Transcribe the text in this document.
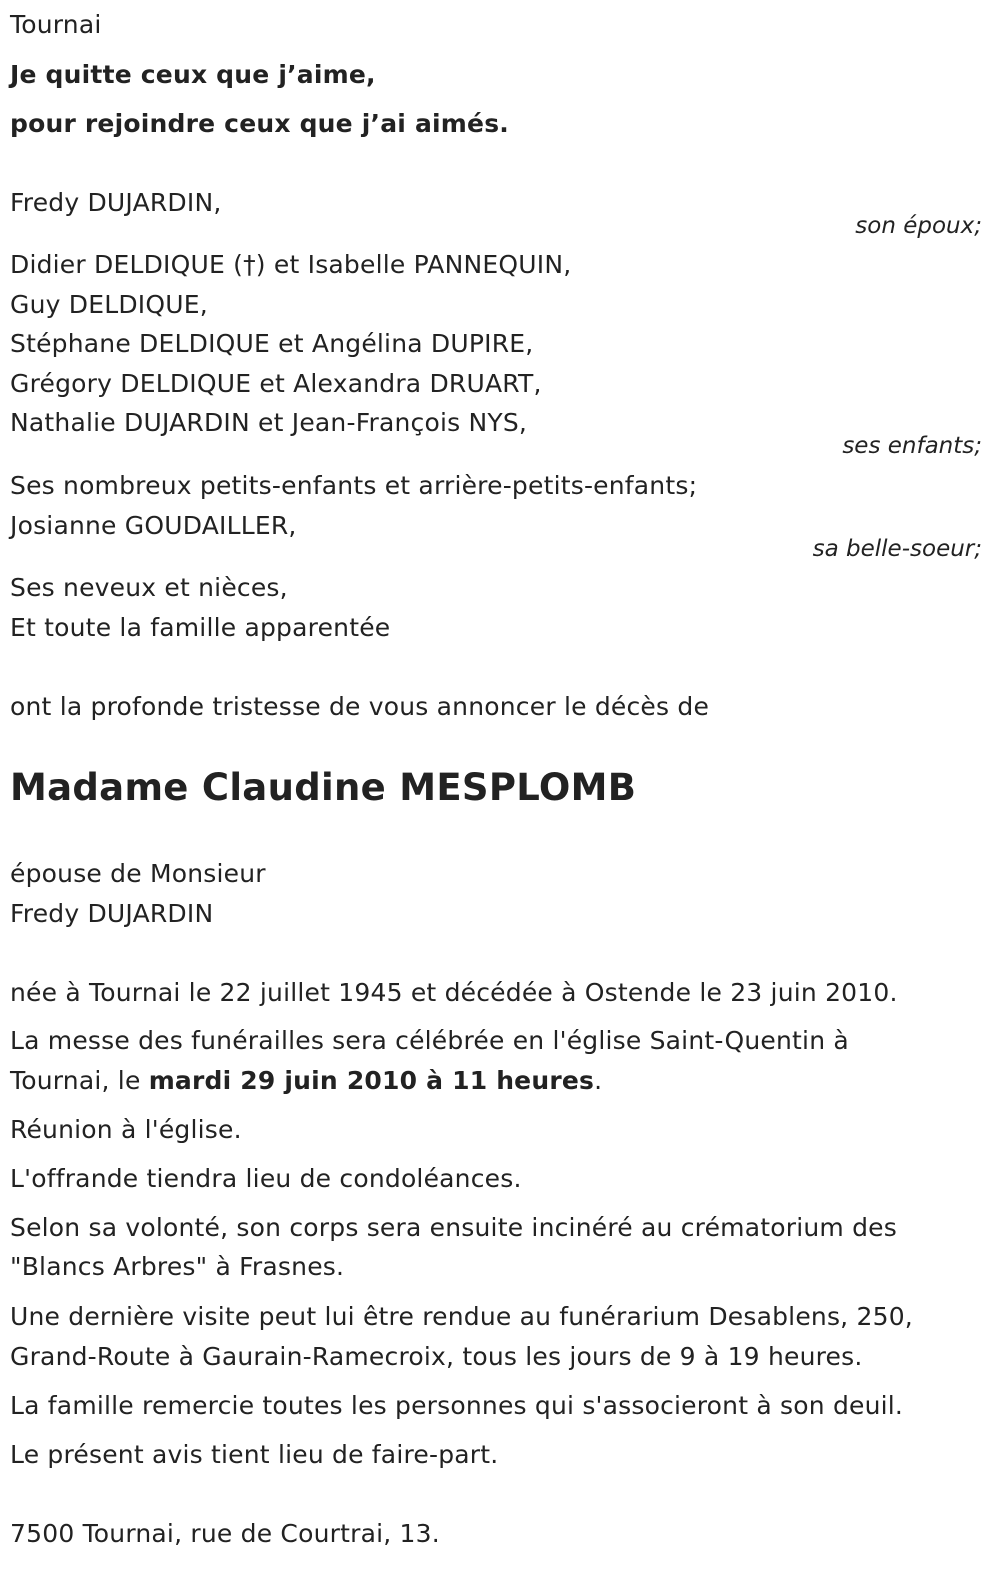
Tournai
Je quitte ceux que j’aime,
pour rejoindre ceux que j’ai aimés.
Fredy DUJARDIN,
son époux;
Didier DELDIQUE (†) et Isabelle PANNEQUIN,
Guy DELDIQUE,
Stéphane DELDIQUE et Angélina DUPIRE,
Grégory DELDIQUE et Alexandra DRUART,
Nathalie DUJARDIN et Jean-François NYS,
ses enfants;
Ses nombreux petits-enfants et arrière-petits-enfants;
Josianne GOUDAILLER,
sa belle-soeur;
Ses neveux et nièces,
Et toute la famille apparentée
ont la profonde tristesse de vous annoncer le décès de
Madame Claudine MESPLOMB
épouse de Monsieur
Fredy DUJARDIN
née à Tournai le 22 juillet 1945 et décédée à Ostende le 23 juin 2010.
La messe des funérailles sera célébrée en l'église Saint-Quentin à
Tournai, le mardi 29 juin 2010 à 11 heures.
Réunion à l'église.
L'offrande tiendra lieu de condoléances.
Selon sa volonté, son corps sera ensuite incinéré au crématorium des
"Blancs Arbres" à Frasnes.
Une dernière visite peut lui être rendue au funérarium Desablens, 250,
Grand-Route à Gaurain-Ramecroix, tous les jours de 9 à 19 heures.
La famille remercie toutes les personnes qui s'associeront à son deuil.
Le présent avis tient lieu de faire-part.
7500 Tournai, rue de Courtrai, 13.
